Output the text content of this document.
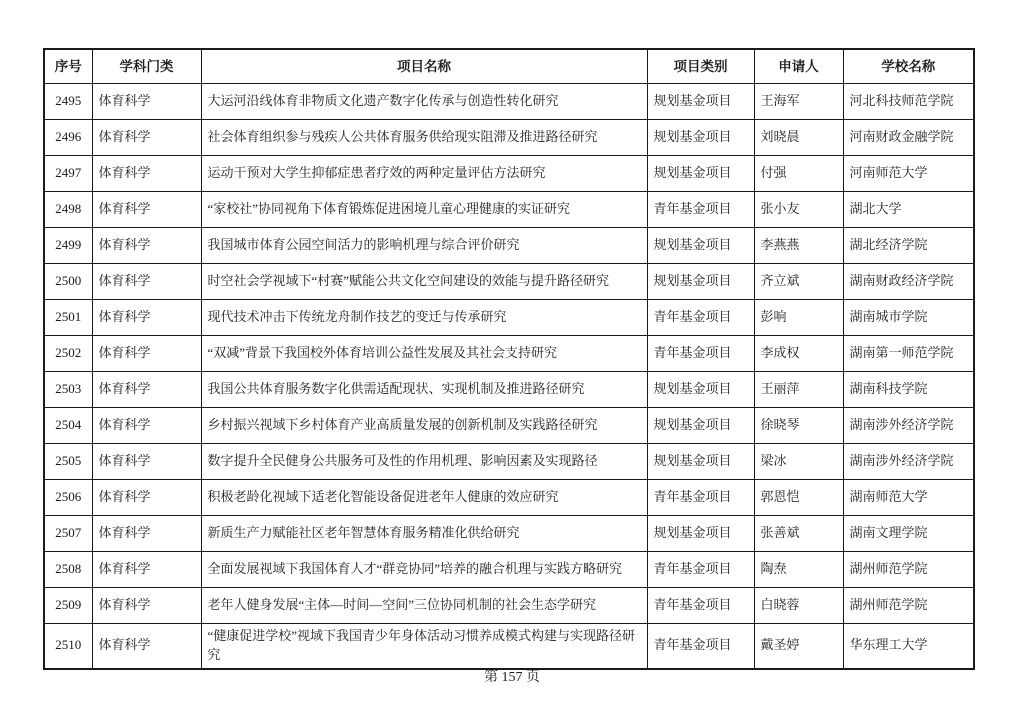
序号	学科门类	项目名称	项目类别	申请人	学校名称
2495	体育科学	大运河沿线体育非物质文化遗产数字化传承与创造性转化研究	规划基金项目	王海军	河北科技师范学院
2496	体育科学	社会体育组织参与残疾人公共体育服务供给现实阻滞及推进路径研究	规划基金项目	刘晓晨	河南财政金融学院
2497	体育科学	运动干预对大学生抑郁症患者疗效的两种定量评估方法研究	规划基金项目	付强	河南师范大学
2498	体育科学	“家校社”协同视角下体育锻炼促进困境儿童心理健康的实证研究	青年基金项目	张小友	湖北大学
2499	体育科学	我国城市体育公园空间活力的影响机理与综合评价研究	规划基金项目	李燕燕	湖北经济学院
2500	体育科学	时空社会学视域下“村赛”赋能公共文化空间建设的效能与提升路径研究	规划基金项目	齐立斌	湖南财政经济学院
2501	体育科学	现代技术冲击下传统龙舟制作技艺的变迁与传承研究	青年基金项目	彭响	湖南城市学院
2502	体育科学	“双减”背景下我国校外体育培训公益性发展及其社会支持研究	青年基金项目	李成权	湖南第一师范学院
2503	体育科学	我国公共体育服务数字化供需适配现状、实现机制及推进路径研究	规划基金项目	王丽萍	湖南科技学院
2504	体育科学	乡村振兴视域下乡村体育产业高质量发展的创新机制及实践路径研究	规划基金项目	徐晓琴	湖南涉外经济学院
2505	体育科学	数字提升全民健身公共服务可及性的作用机理、影响因素及实现路径	规划基金项目	梁冰	湖南涉外经济学院
2506	体育科学	积极老龄化视域下适老化智能设备促进老年人健康的效应研究	青年基金项目	郭恩恺	湖南师范大学
2507	体育科学	新质生产力赋能社区老年智慧体育服务精准化供给研究	规划基金项目	张善斌	湖南文理学院
2508	体育科学	全面发展视域下我国体育人才“群竞协同”培养的融合机理与实践方略研究	青年基金项目	陶焘	湖州师范学院
2509	体育科学	老年人健身发展“主体—时间—空间”三位协同机制的社会生态学研究	青年基金项目	白晓蓉	湖州师范学院
2510	体育科学	“健康促进学校”视域下我国青少年身体活动习惯养成模式构建与实现路径研究	青年基金项目	戴圣婷	华东理工大学
第 157 页
